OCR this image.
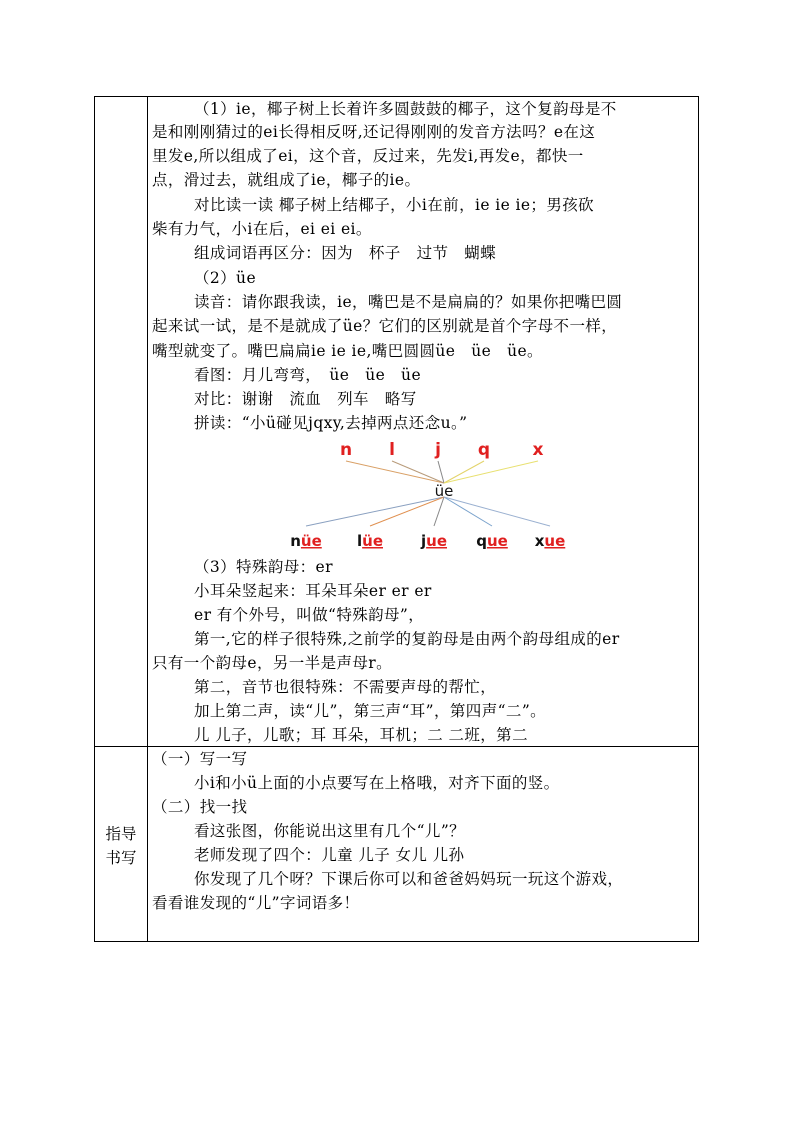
（1）ie，椰子树上长着许多圆鼓鼓的椰子，这个复韵母是不
是和刚刚猜过的ei长得相反呀,还记得刚刚的发音方法吗？e在这
里发e,所以组成了ei，这个音，反过来，先发i,再发e，都快一
点，滑过去，就组成了ie，椰子的ie。
对比读一读 椰子树上结椰子，小i在前，ie ie ie；男孩砍
柴有力气，小i在后，ei ei ei。
组成词语再区分：因为　杯子　过节　蝴蝶
（2）üe
读音：请你跟我读，ie，嘴巴是不是扁扁的？如果你把嘴巴圆
起来试一试，是不是就成了üe？它们的区别就是首个字母不一样，
嘴型就变了。嘴巴扁扁ie ie ie,嘴巴圆圆üe　üe　üe。
看图：月儿弯弯，　üe　üe　üe
对比：谢谢　流血　列车　略写
拼读：“小ü碰见jqxy,去掉两点还念u。”
n l j q x
nüe lüe	jue que xue
üe
（3）特殊韵母：er
小耳朵竖起来：耳朵耳朵er er er
er 有个外号，叫做“特殊韵母”，
第一,它的样子很特殊,之前学的复韵母是由两个韵母组成的er
只有一个韵母e，另一半是声母r。
第二，音节也很特殊：不需要声母的帮忙，
加上第二声，读“儿”，第三声“耳”，第四声“二”。
儿 儿子，儿歌；耳 耳朵，耳机；二 二班，第二
指导
书写
（一）写一写
小i和小ü上面的小点要写在上格哦，对齐下面的竖。
（二）找一找
看这张图，你能说出这里有几个“儿”？
老师发现了四个：儿童 儿子 女儿 儿孙
你发现了几个呀？下课后你可以和爸爸妈妈玩一玩这个游戏，
看看谁发现的“儿”字词语多！
